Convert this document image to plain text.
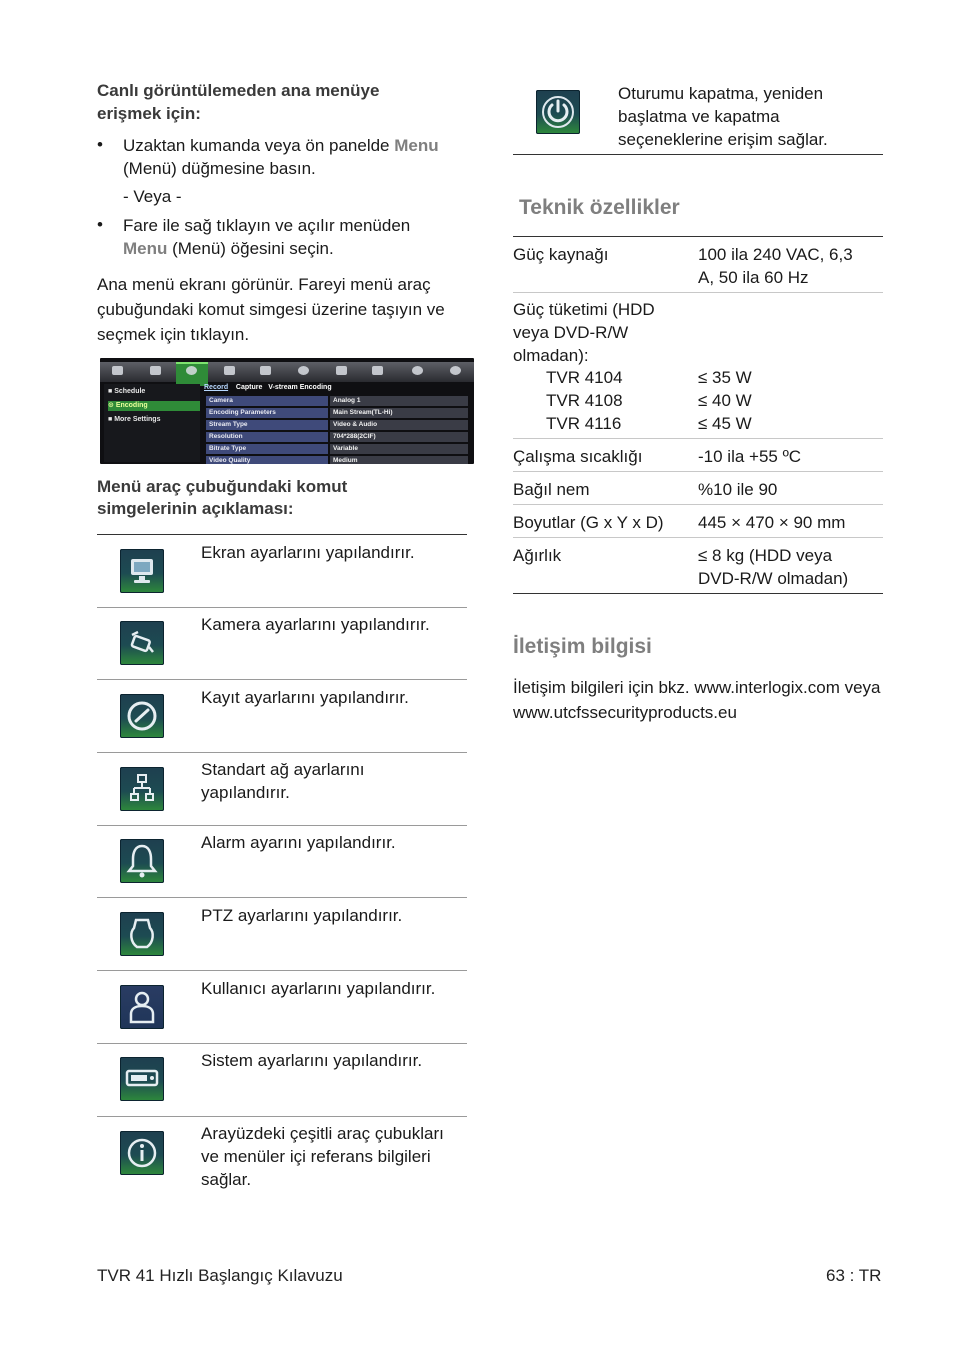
Canlı görüntülemeden ana menüye erişmek için:
• Uzaktan kumanda veya ön panelde Menu
(Menü) düğmesine basın.
- Veya -
• Fare ile sağ tıklayın ve açılır menüden
Menu (Menü) öğesini seçin.
Ana menü ekranı görünür. Fareyi menü araç çubuğundaki komut simgesi üzerine taşıyın ve seçmek için tıklayın.
■ Schedule
⊙ Encoding
■ More Settings
Record Capture V-stream Encoding
Camera	Analog 1
Encoding Parameters	Main Stream(TL-Hi)
Stream Type	Video & Audio
Resolution	704*288(2CIF)
Bitrate Type	Variable
Video Quality	Medium
Menü araç çubuğundaki komut simgelerinin açıklaması:
Ekran ayarlarını yapılandırır.
Kamera ayarlarını yapılandırır.
Kayıt ayarlarını yapılandırır.
Standart ağ ayarlarını yapılandırır.
Alarm ayarını yapılandırır.
PTZ ayarlarını yapılandırır.
Kullanıcı ayarlarını yapılandırır.
Sistem ayarlarını yapılandırır.
Arayüzdeki çeşitli araç çubukları ve menüler içi referans bilgileri sağlar.
Oturumu kapatma, yeniden başlatma ve kapatma seçeneklerine erişim sağlar.
Teknik özellikler
Güç kaynağı	100 ila 240 VAC, 6,3 A, 50 ila 60 Hz
Güç tüketimi (HDD veya DVD-R/W olmadan):
TVR 4104	≤ 35 W
TVR 4108	≤ 40 W
TVR 4116	≤ 45 W
Çalışma sıcaklığı	-10 ila +55 ºC
Bağıl nem	%10 ile 90
Boyutlar (G x Y x D)	445 × 470 × 90 mm
Ağırlık	≤ 8 kg (HDD veya DVD-R/W olmadan)
İletişim bilgisi
İletişim bilgileri için bkz. www.interlogix.com veya www.utcfssecurityproducts.eu
TVR 41 Hızlı Başlangıç Kılavuzu	63 : TR
